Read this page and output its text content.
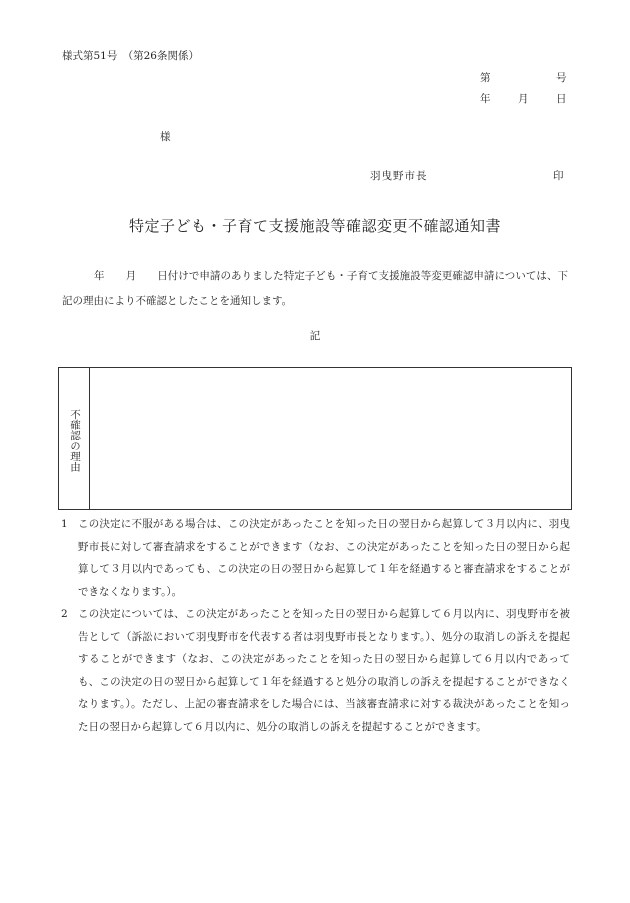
様式第51号　（第26条関係）
第	号
年	月	日
様
羽曳野市長	印
特定子ども・子育て支援施設等確認変更不確認通知書
年　　月　　日付けで申請のありました特定子ども・子育て支援施設等変更確認申請については、下記の理由により不確認としたことを通知します。
記
不確認の理由
1 この決定に不服がある場合は、この決定があったことを知った日の翌日から起算して３月以内に、羽曳野市長に対して審査請求をすることができます（なお、この決定があったことを知った日の翌日から起算して３月以内であっても、この決定の日の翌日から起算して１年を経過すると審査請求をすることができなくなります。）。
2 この決定については、この決定があったことを知った日の翌日から起算して６月以内に、羽曳野市を被告として（訴訟において羽曳野市を代表する者は羽曳野市長となります。）、処分の取消しの訴えを提起することができます（なお、この決定があったことを知った日の翌日から起算して６月以内であっても、この決定の日の翌日から起算して１年を経過すると処分の取消しの訴えを提起することができなくなります。）。ただし、上記の審査請求をした場合には、当該審査請求に対する裁決があったことを知った日の翌日から起算して６月以内に、処分の取消しの訴えを提起することができます。
